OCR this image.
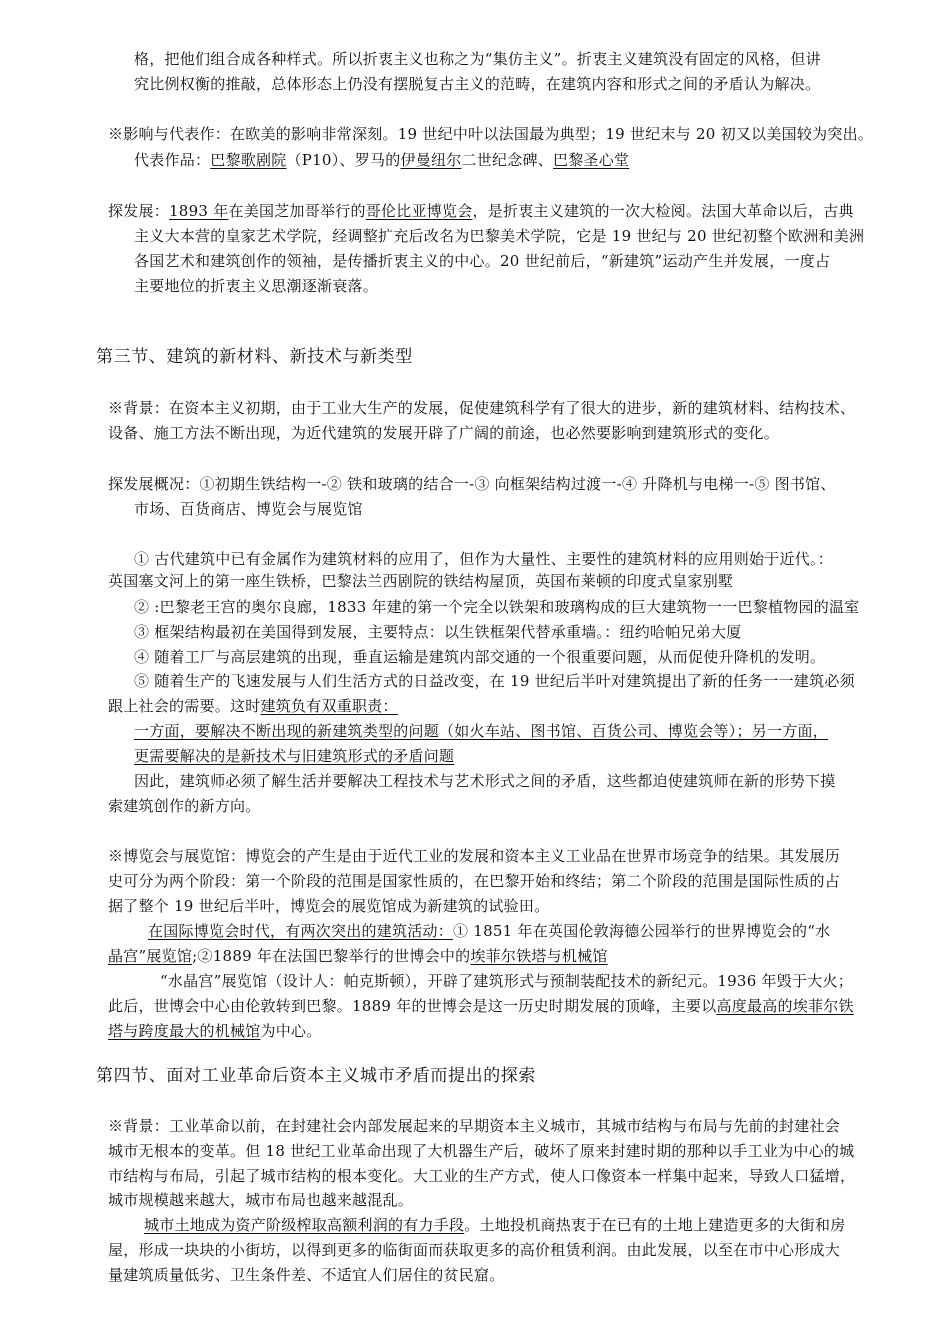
格，把他们组合成各种样式。所以折衷主义也称之为“集仿主义”。折衷主义建筑没有固定的风格，但讲
究比例权衡的推敲，总体形态上仍没有摆脱复古主义的范畴，在建筑内容和形式之间的矛盾认为解决。
※影响与代表作：在欧美的影响非常深刻。19 世纪中叶以法国最为典型；19 世纪末与 20 初又以美国较为突出。
代表作品：巴黎歌剧院（P10）、罗马的伊曼纽尔二世纪念碑、巴黎圣心堂
探发展：1893 年在美国芝加哥举行的哥伦比亚博览会，是折衷主义建筑的一次大检阅。法国大革命以后，古典
主义大本营的皇家艺术学院，经调整扩充后改名为巴黎美术学院，它是 19 世纪与 20 世纪初整个欧洲和美洲
各国艺术和建筑创作的领袖，是传播折衷主义的中心。20 世纪前后，“新建筑”运动产生并发展，一度占
主要地位的折衷主义思潮逐渐衰落。
第三节、建筑的新材料、新技术与新类型
※背景：在资本主义初期，由于工业大生产的发展，促使建筑科学有了很大的进步，新的建筑材料、结构技术、
设备、施工方法不断出现，为近代建筑的发展开辟了广阔的前途，也必然要影响到建筑形式的变化。
探发展概况：①初期生铁结构一-② 铁和玻璃的结合一-③ 向框架结构过渡一-④ 升降机与电梯一-⑤ 图书馆、
市场、百货商店、博览会与展览馆
① 古代建筑中已有金属作为建筑材料的应用了，但作为大量性、主要性的建筑材料的应用则始于近代。：
英国塞文河上的第一座生铁桥，巴黎法兰西剧院的铁结构屋顶，英国布莱顿的印度式皇家别墅
② :巴黎老王宫的奥尔良廊，1833 年建的第一个完全以铁架和玻璃构成的巨大建筑物一一巴黎植物园的温室
③ 框架结构最初在美国得到发展，主要特点：以生铁框架代替承重墙。：纽约哈帕兄弟大厦
④ 随着工厂与高层建筑的出现，垂直运输是建筑内部交通的一个很重要问题，从而促使升降机的发明。
⑤ 随着生产的飞速发展与人们生活方式的日益改变，在 19 世纪后半叶对建筑提出了新的任务一一建筑必须
跟上社会的需要。这时建筑负有双重职责：
一方面，要解决不断出现的新建筑类型的问题（如火车站、图书馆、百货公司、博览会等）；另一方面，
更需要解决的是新技术与旧建筑形式的矛盾问题
因此，建筑师必须了解生活并要解决工程技术与艺术形式之间的矛盾，这些都迫使建筑师在新的形势下摸
索建筑创作的新方向。
※博览会与展览馆：博览会的产生是由于近代工业的发展和资本主义工业品在世界市场竞争的结果。其发展历
史可分为两个阶段：第一个阶段的范围是国家性质的，在巴黎开始和终结；第二个阶段的范围是国际性质的占
据了整个 19 世纪后半叶，博览会的展览馆成为新建筑的试验田。
在国际博览会时代，有两次突出的建筑活动：① 1851 年在英国伦敦海德公园举行的世界博览会的“水
晶宫”展览馆;②1889 年在法国巴黎举行的世博会中的埃菲尔铁塔与机械馆
“水晶宫”展览馆（设计人：帕克斯顿），开辟了建筑形式与预制装配技术的新纪元。1936 年毁于大火；
此后，世博会中心由伦敦转到巴黎。1889 年的世博会是这一历史时期发展的顶峰，主要以高度最高的埃菲尔铁
塔与跨度最大的机械馆为中心。
第四节、面对工业革命后资本主义城市矛盾而提出的探索
※背景：工业革命以前，在封建社会内部发展起来的早期资本主义城市，其城市结构与布局与先前的封建社会
城市无根本的变革。但 18 世纪工业革命出现了大机器生产后，破坏了原来封建时期的那种以手工业为中心的城
市结构与布局，引起了城市结构的根本变化。大工业的生产方式，使人口像资本一样集中起来，导致人口猛增，
城市规模越来越大，城市布局也越来越混乱。
城市土地成为资产阶级榨取高额利润的有力手段。土地投机商热衷于在已有的土地上建造更多的大街和房
屋，形成一块块的小街坊，以得到更多的临街面而获取更多的高价租赁利润。由此发展，以至在市中心形成大
量建筑质量低劣、卫生条件差、不适宜人们居住的贫民窟。
